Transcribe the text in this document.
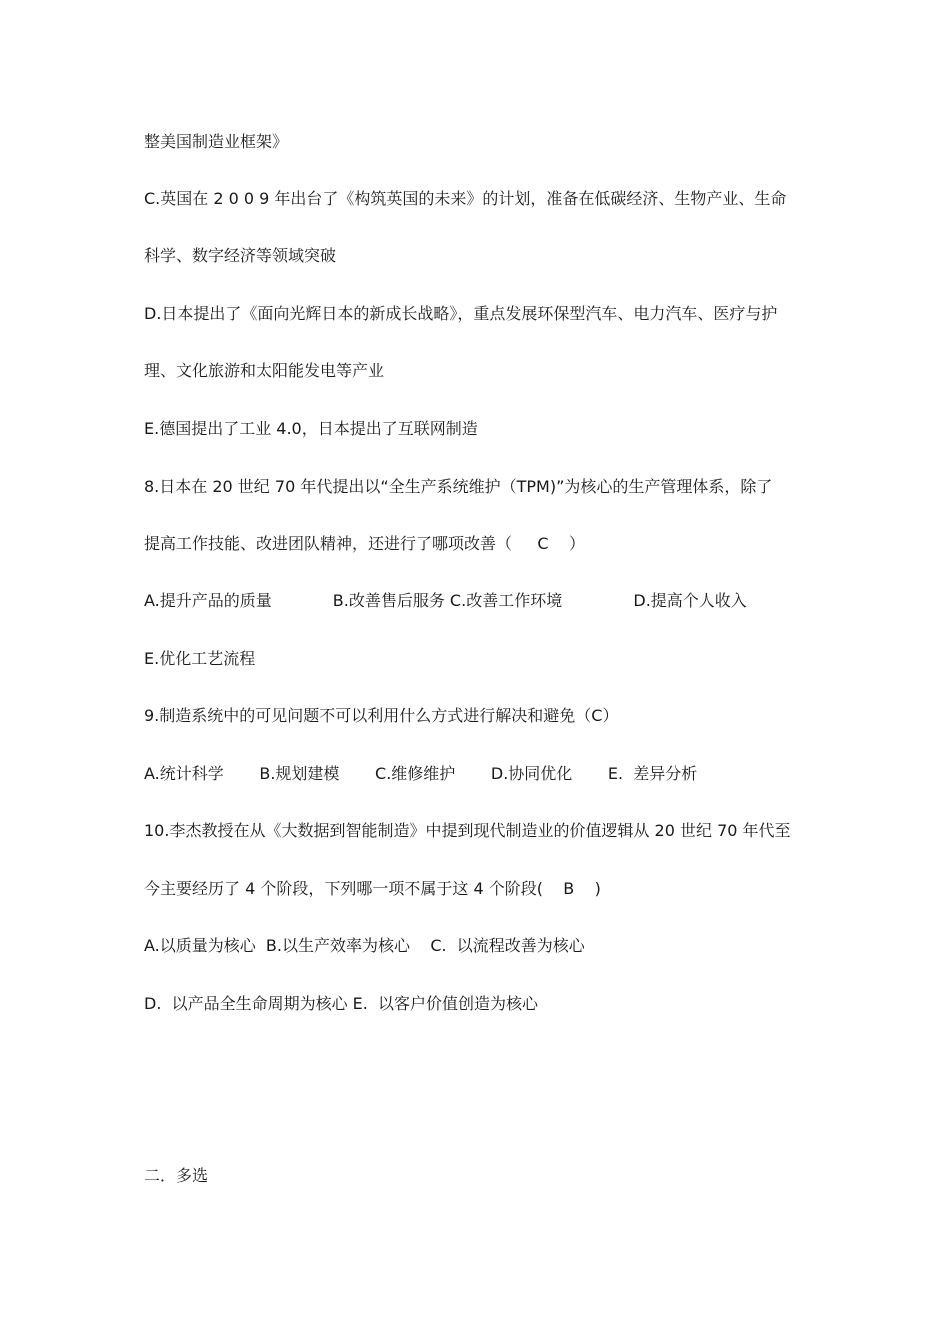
整美国制造业框架》
C.英国在 2 0 0 9 年出台了《构筑英国的未来》的计划，准备在低碳经济、生物产业、生命
科学、数字经济等领域突破
D.日本提出了《面向光辉日本的新成长战略》，重点发展环保型汽车、电力汽车、医疗与护
理、文化旅游和太阳能发电等产业
E.德国提出了工业 4.0，日本提出了互联网制造
8.日本在 20 世纪 70 年代提出以“全生产系统维护（TPM)”为核心的生产管理体系，除了
提高工作技能、改进团队精神，还进行了哪项改善（     C    ）
A.提升产品的质量            B.改善售后服务 C.改善工作环境              D.提高个人收入
E.优化工艺流程
9.制造系统中的可见问题不可以利用什么方式进行解决和避免（C）
A.统计科学       B.规划建模       C.维修维护       D.协同优化       E.  差异分析
10.李杰教授在从《大数据到智能制造》中提到现代制造业的价值逻辑从 20 世纪 70 年代至
今主要经历了 4 个阶段，下列哪一项不属于这 4 个阶段(    B    )
A.以质量为核心  B.以生产效率为核心    C.  以流程改善为核心
D.  以产品全生命周期为核心 E.  以客户价值创造为核心
二．多选
